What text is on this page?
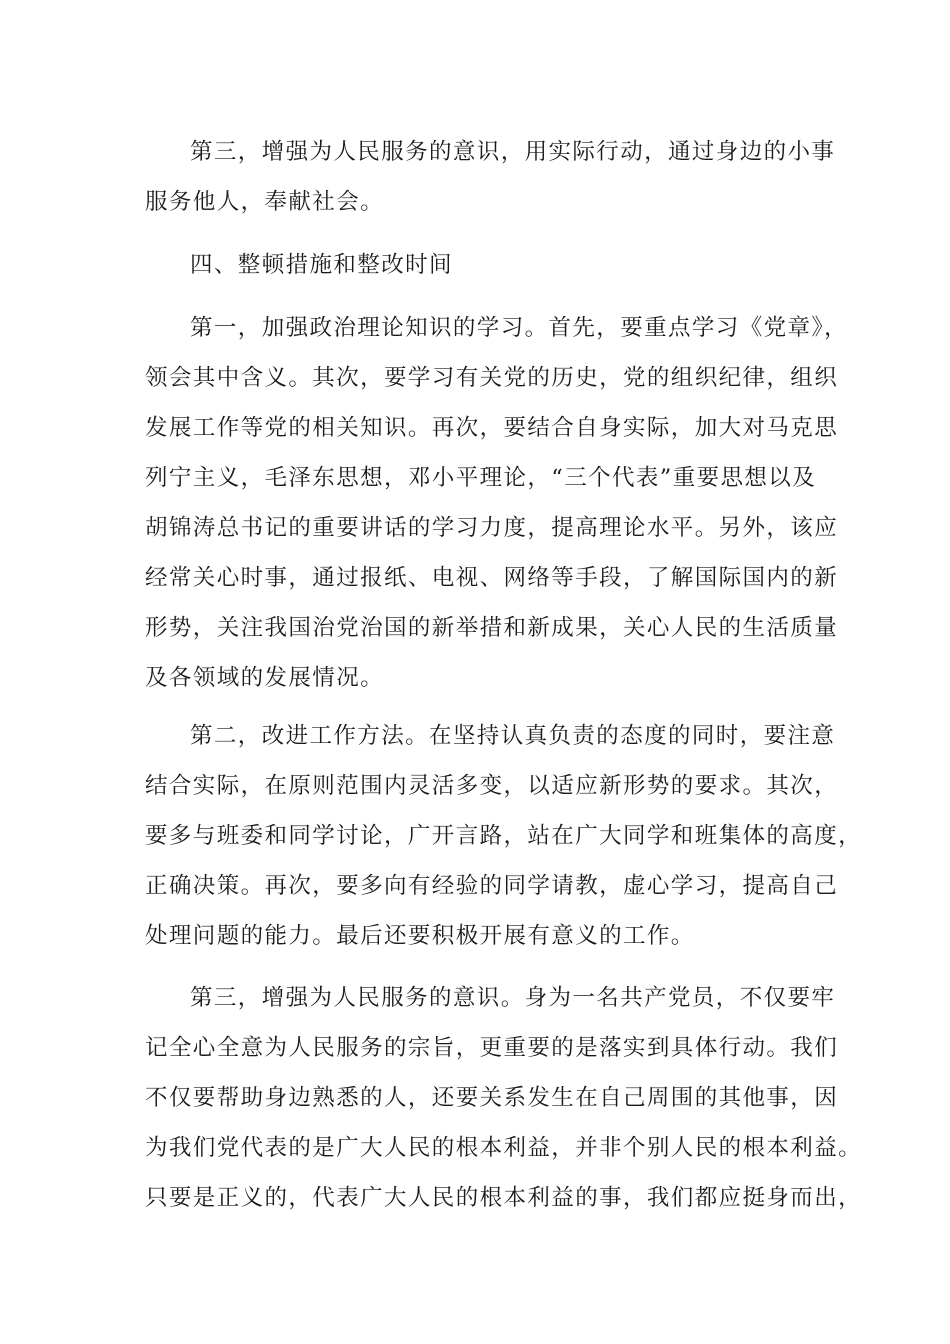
第三，增强为人民服务的意识，用实际行动，通过身边的小事
服务他人，奉献社会。
四、整顿措施和整改时间
第一，加强政治理论知识的学习。首先，要重点学习《党章》，
领会其中含义。其次，要学习有关党的历史，党的组织纪律，组织
发展工作等党的相关知识。再次，要结合自身实际，加大对马克思
列宁主义，毛泽东思想，邓小平理论，“三个代表”重要思想以及
胡锦涛总书记的重要讲话的学习力度，提高理论水平。另外，该应
经常关心时事，通过报纸、电视、网络等手段，了解国际国内的新
形势，关注我国治党治国的新举措和新成果，关心人民的生活质量
及各领域的发展情况。
第二，改进工作方法。在坚持认真负责的态度的同时，要注意
结合实际，在原则范围内灵活多变，以适应新形势的要求。其次，
要多与班委和同学讨论，广开言路，站在广大同学和班集体的高度，
正确决策。再次，要多向有经验的同学请教，虚心学习，提高自己
处理问题的能力。最后还要积极开展有意义的工作。
第三，增强为人民服务的意识。身为一名共产党员，不仅要牢
记全心全意为人民服务的宗旨，更重要的是落实到具体行动。我们
不仅要帮助身边熟悉的人，还要关系发生在自己周围的其他事，因
为我们党代表的是广大人民的根本利益，并非个别人民的根本利益。
只要是正义的，代表广大人民的根本利益的事，我们都应挺身而出，
